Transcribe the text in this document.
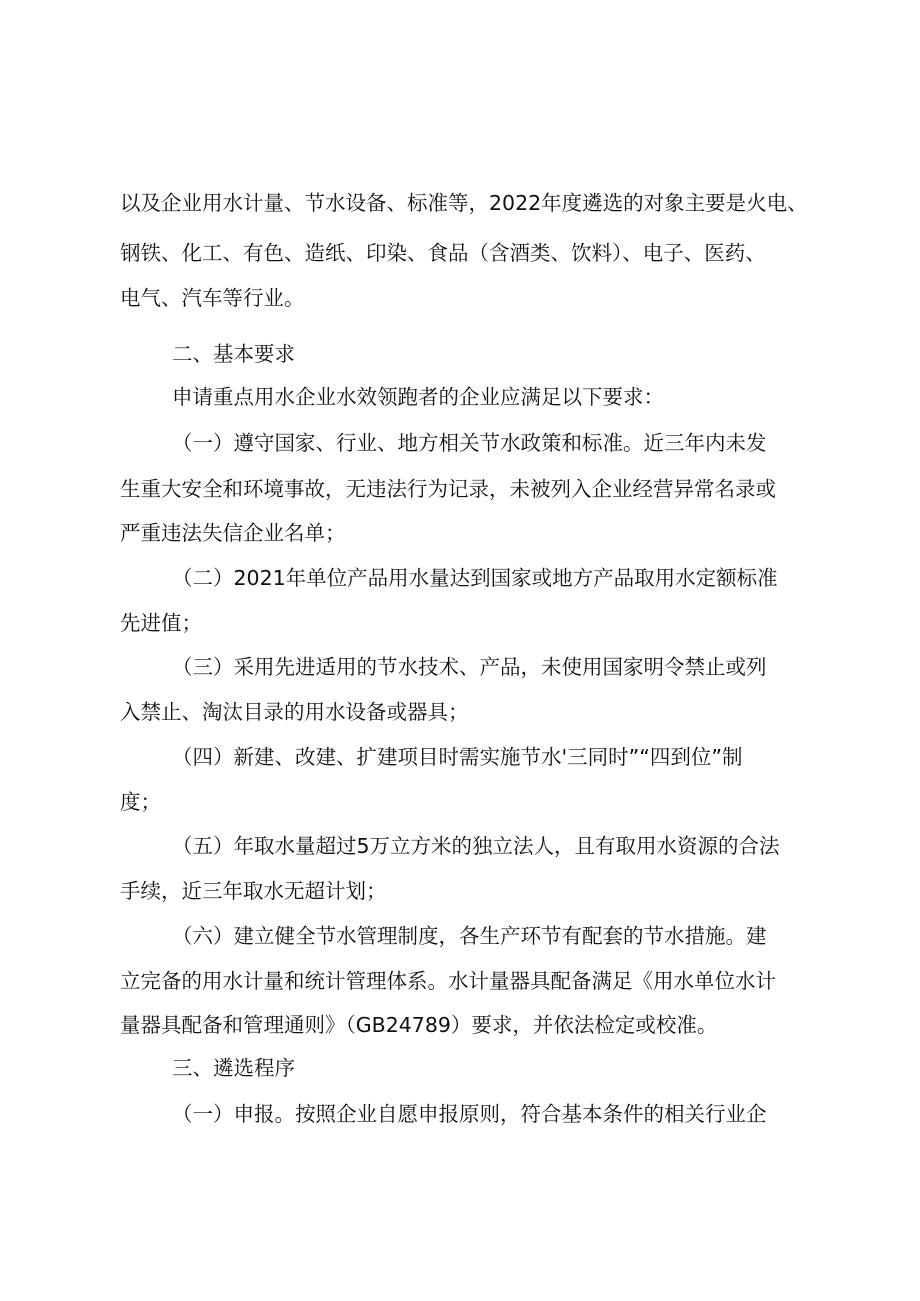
以及企业用水计量、节水设备、标准等，2022年度遴选的对象主要是火电、
钢铁、化工、有色、造纸、印染、食品（含酒类、饮料）、电子、医药、
电气、汽车等行业。
二、基本要求
申请重点用水企业水效领跑者的企业应满足以下要求：
（一）遵守国家、行业、地方相关节水政策和标准。近三年内未发
生重大安全和环境事故，无违法行为记录，未被列入企业经营异常名录或
严重违法失信企业名单；
（二）2021年单位产品用水量达到国家或地方产品取用水定额标准
先进值；
（三）采用先进适用的节水技术、产品，未使用国家明令禁止或列
入禁止、淘汰目录的用水设备或器具；
（四）新建、改建、扩建项目时需实施节水'三同时”“四到位”制
度；
（五）年取水量超过5万立方米的独立法人，且有取用水资源的合法
手续，近三年取水无超计划；
（六）建立健全节水管理制度，各生产环节有配套的节水措施。建
立完备的用水计量和统计管理体系。水计量器具配备满足《用水单位水计
量器具配备和管理通则》（GB24789）要求，并依法检定或校准。
三、遴选程序
（一）申报。按照企业自愿申报原则，符合基本条件的相关行业企
